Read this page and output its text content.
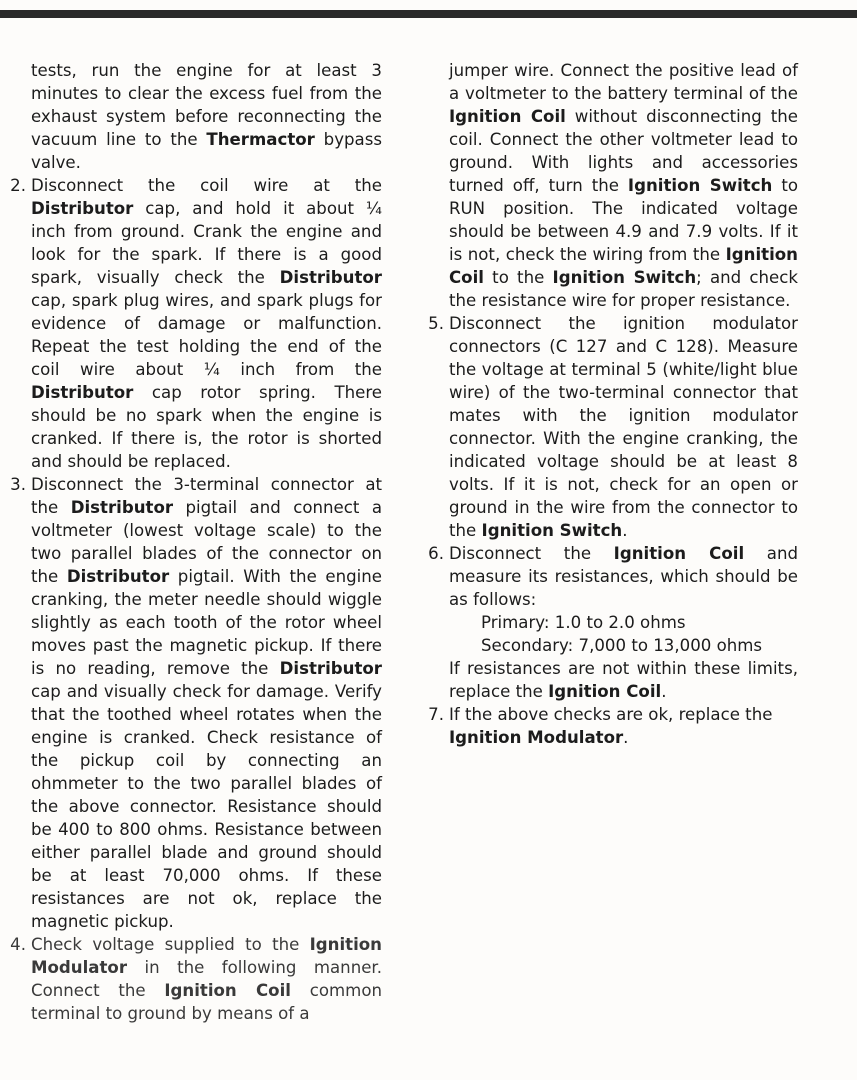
tests, run the engine for at least 3 minutes to clear the excess fuel from the exhaust system before reconnecting the vacuum line to the Thermactor bypass valve.
2. Disconnect the coil wire at the Distributor cap, and hold it about ¼ inch from ground. Crank the engine and look for the spark. If there is a good spark, visually check the Distributor cap, spark plug wires, and spark plugs for evidence of damage or malfunction. Repeat the test holding the end of the coil wire about ¼ inch from the Distributor cap rotor spring. There should be no spark when the engine is cranked. If there is, the rotor is shorted and should be replaced.
3. Disconnect the 3-terminal connector at the Distributor pigtail and connect a voltmeter (lowest voltage scale) to the two parallel blades of the connector on the Distributor pigtail. With the engine cranking, the meter needle should wiggle slightly as each tooth of the rotor wheel moves past the magnetic pickup. If there is no reading, remove the Distributor cap and visually check for damage. Verify that the toothed wheel rotates when the engine is cranked. Check resistance of the pickup coil by connecting an ohmmeter to the two parallel blades of the above connector. Resistance should be 400 to 800 ohms. Resistance between either parallel blade and ground should be at least 70,000 ohms. If these resistances are not ok, replace the magnetic pickup.
4. Check voltage supplied to the Ignition Modulator in the following manner. Connect the Ignition Coil common terminal to ground by means of a
jumper wire. Connect the positive lead of a voltmeter to the battery terminal of the Ignition Coil without disconnecting the coil. Connect the other voltmeter lead to ground. With lights and accessories turned off, turn the Ignition Switch to RUN position. The indicated voltage should be between 4.9 and 7.9 volts. If it is not, check the wiring from the Ignition Coil to the Ignition Switch; and check the resistance wire for proper resistance.
5. Disconnect the ignition modulator connectors (C 127 and C 128). Measure the voltage at terminal 5 (white/light blue wire) of the two-terminal connector that mates with the ignition modulator connector. With the engine cranking, the indicated voltage should be at least 8 volts. If it is not, check for an open or ground in the wire from the connector to the Ignition Switch.
6. Disconnect the Ignition Coil and measure its resistances, which should be as follows:

Primary: 1.0 to 2.0 ohms
Secondary: 7,000 to 13,000 ohms

If resistances are not within these limits, replace the Ignition Coil.

7. If the above checks are ok, replace the Ignition Modulator.
